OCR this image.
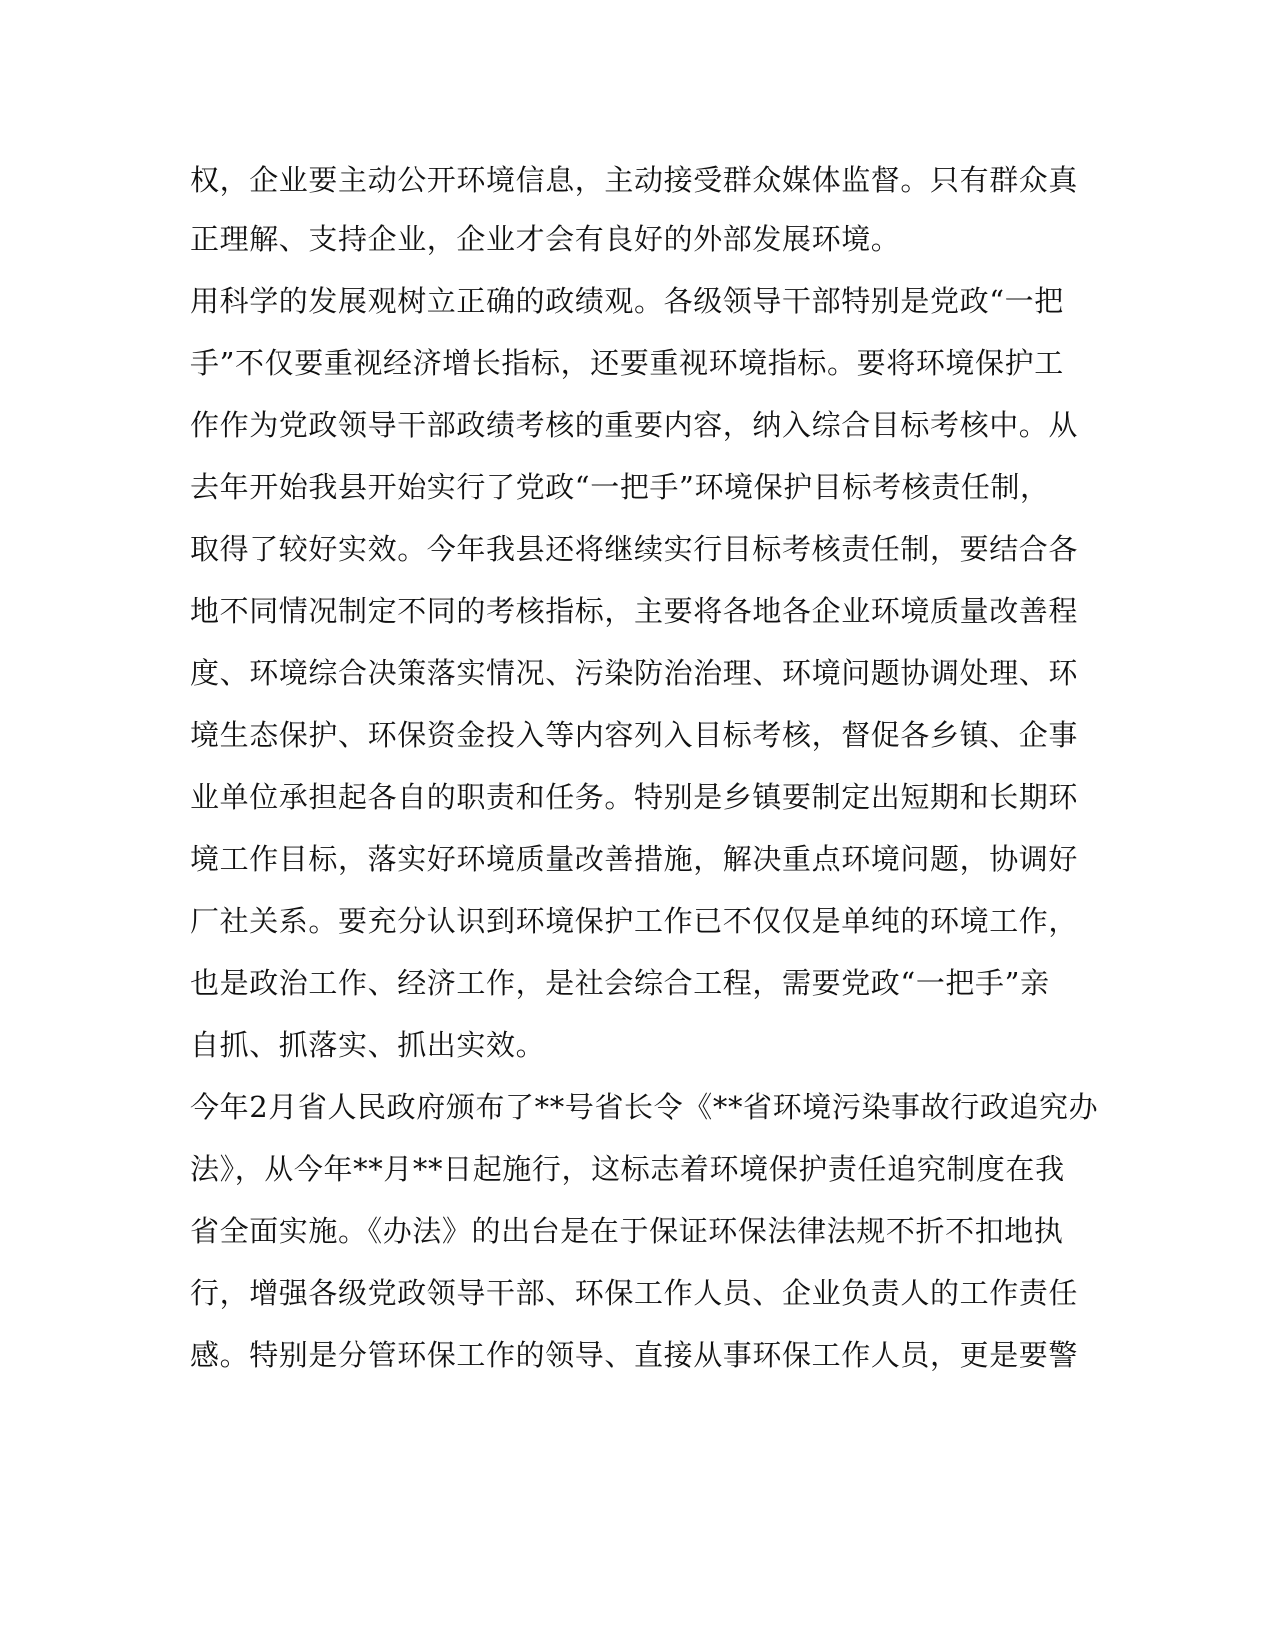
权，企业要主动公开环境信息，主动接受群众媒体监督。只有群众真
正理解、支持企业，企业才会有良好的外部发展环境。
用科学的发展观树立正确的政绩观。各级领导干部特别是党政“一把
手”不仅要重视经济增长指标，还要重视环境指标。要将环境保护工
作作为党政领导干部政绩考核的重要内容，纳入综合目标考核中。从
去年开始我县开始实行了党政“一把手”环境保护目标考核责任制，
取得了较好实效。今年我县还将继续实行目标考核责任制，要结合各
地不同情况制定不同的考核指标，主要将各地各企业环境质量改善程
度、环境综合决策落实情况、污染防治治理、环境问题协调处理、环
境生态保护、环保资金投入等内容列入目标考核，督促各乡镇、企事
业单位承担起各自的职责和任务。特别是乡镇要制定出短期和长期环
境工作目标，落实好环境质量改善措施，解决重点环境问题，协调好
厂社关系。要充分认识到环境保护工作已不仅仅是单纯的环境工作，
也是政治工作、经济工作，是社会综合工程，需要党政“一把手”亲
自抓、抓落实、抓出实效。
今年2月省人民政府颁布了**号省长令《**省环境污染事故行政追究办
法》，从今年**月**日起施行，这标志着环境保护责任追究制度在我
省全面实施。《办法》的出台是在于保证环保法律法规不折不扣地执
行，增强各级党政领导干部、环保工作人员、企业负责人的工作责任
感。特别是分管环保工作的领导、直接从事环保工作人员，更是要警
